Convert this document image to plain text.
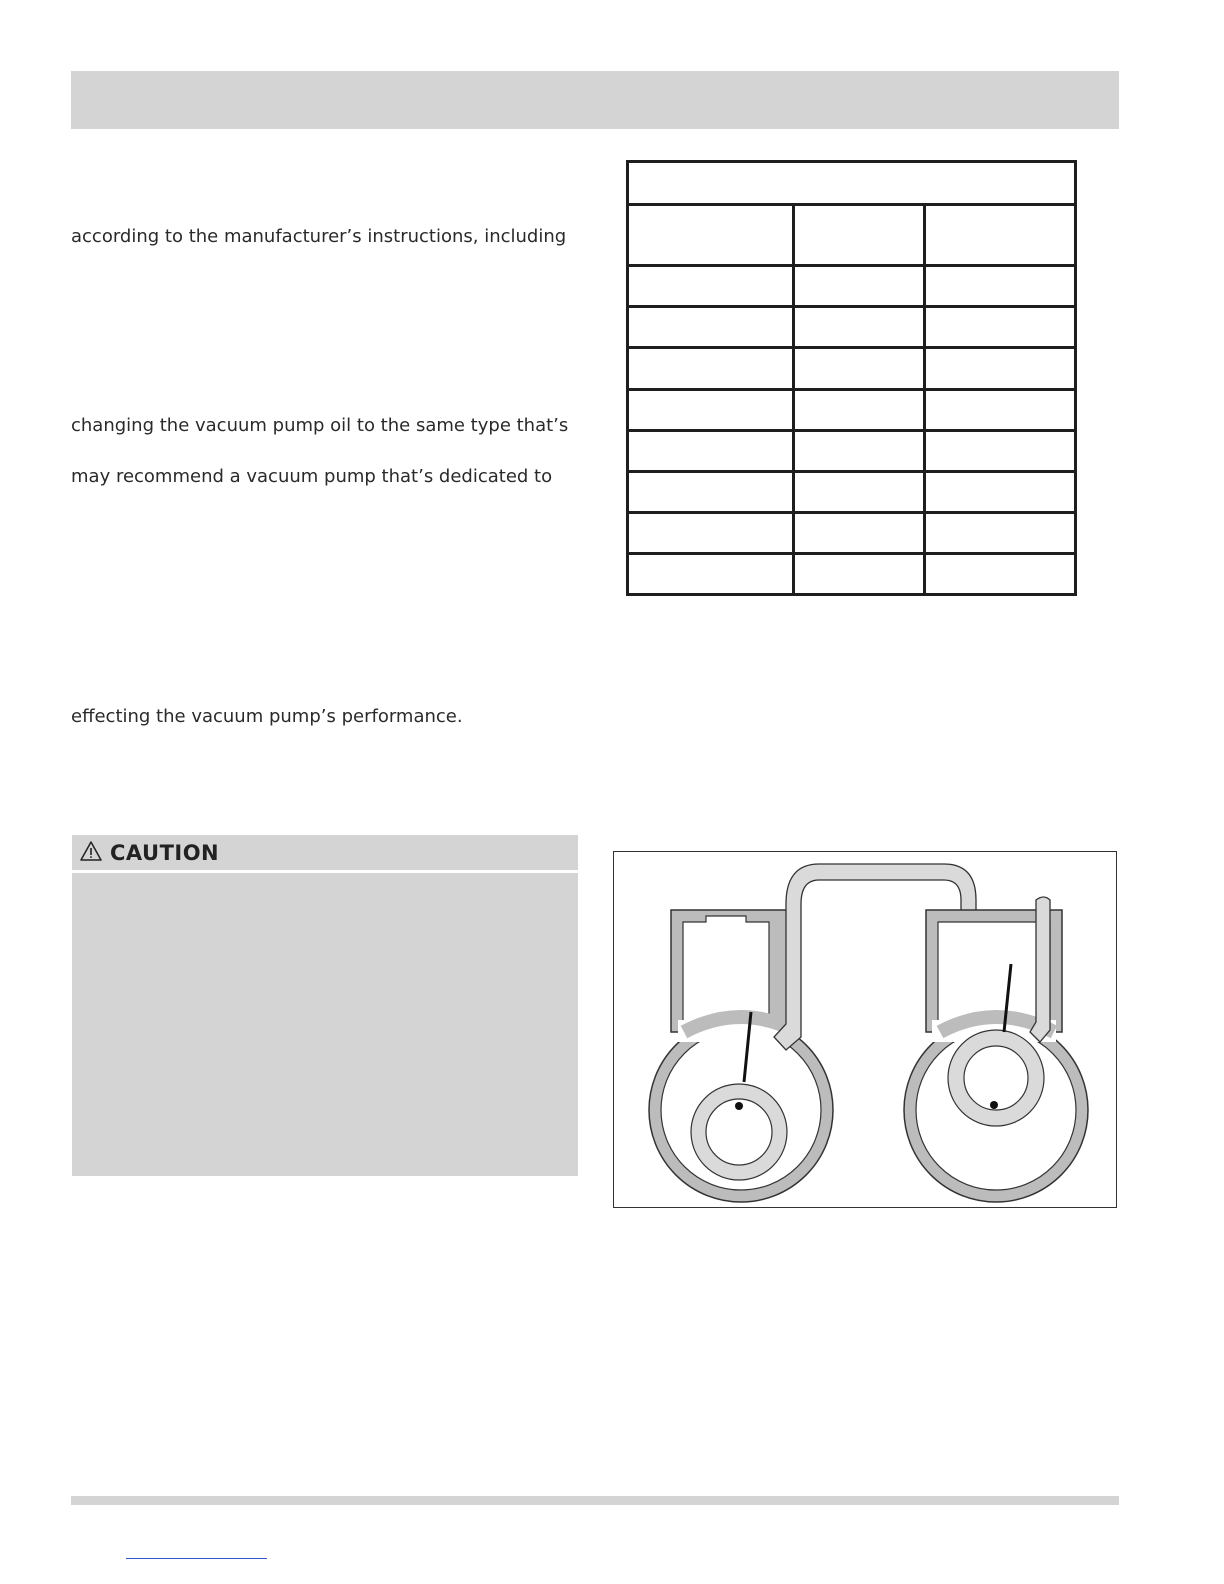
according to the manufacturer’s instructions, including
changing the vacuum pump oil to the same type that’s
may recommend a vacuum pump that’s dedicated to
effecting the vacuum pump’s performance.

CAUTION
